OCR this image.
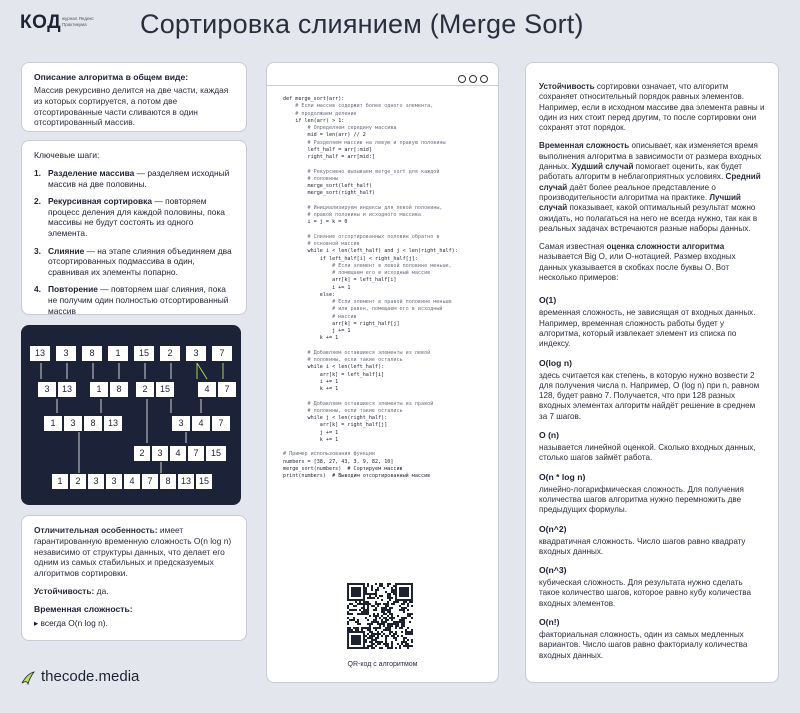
КОД журнал Яндекс Практикума	Сортировка слиянием (Merge Sort)
Описание алгоритма в общем виде:
Массив рекурсивно делится на две части, каждая из которых сортируется, а потом две отсортированные части сливаются в один отсортированный массив.
Ключевые шаги:
1. Разделение массива — разделяем исходный массив на две половины.
2. Рекурсивная сортировка — повторяем процесс деления для каждой половины, пока массивы не будут состоять из одного элемента.
3. Слияние — на этапе слияния объединяем два отсортированных подмассива в один, сравнивая их элементы попарно.
4. Повторение — повторяем шаг слияния, пока не получим один полностью отсортированный массив
13	3	8	1	15	2	3	7
3	13	1	8	2	15	4	7
1	3	8	13	3	4	7
2	3	4	7	15
1	2	3	3	4	7	8	13 15
Отличительная особенность: имеет гарантированную временную сложность O(n log n) независимо от структуры данных, что делает его одним из самых стабильных и предсказуемых алгоритмов сортировки.
Устойчивость: да.
Временная сложность:
▸ всегда O(n log n).
thecode.media
def merge_sort(arr):
# Если массив содержит более одного элемента,
# продолжаем деление
if len(arr) > 1:
# Определяем середину массива
mid = len(arr) // 2
# Разделяем массив на левую и правую половины
left_half = arr[:mid]
right_half = arr[mid:]
# Рекурсивно вызываем merge_sort для каждой
# половины
merge_sort(left_half)
merge_sort(right_half)
# Инициализируем индексы для левой половины,
# правой половины и исходного массива
i = j = k = 0
# Слияние отсортированных половин обратно в
# основной массив
while i < len(left_half) and j < len(right_half):
if left_half[i] < right_half[j]:
# Если элемент в левой половине меньше,
# помещаем его в исходный массив
arr[k] = left_half[i]
i += 1
else:
# Если элемент в правой половине меньше
# или равен, помещаем его в исходный
# массив
arr[k] = right_half[j]
j += 1
k += 1
# Добавляем оставшиеся элементы из левой
# половины, если такие остались
while i < len(left_half):
arr[k] = left_half[i]
i += 1
k += 1
# Добавляем оставшиеся элементы из правой
# половины, если такие остались
while j < len(right_half):
arr[k] = right_half[j]
j += 1
k += 1
# Пример использования функции
numbers = [38, 27, 43, 3, 9, 82, 10]
merge_sort(numbers)  # Сортируем массив
print(numbers)  # Выводим отсортированный массив
QR-код с алгоритмом

Устойчивость сортировки означает, что алгоритм сохраняет относительный порядок равных элементов. Например, если в исходном массиве два элемента равны и один из них стоит перед другим, то после сортировки они сохранят этот порядок.

Временная сложность описывает, как изменяется время выполнения алгоритма в зависимости от размера входных данных. Худший случай помогает оценить, как будет работать алгоритм в неблагоприятных условиях. Средний случай даёт более реальное представление о производительности алгоритма на практике. Лучший случай показывает, какой оптимальный результат можно ожидать, но полагаться на него не всегда нужно, так как в реальных задачах встречаются разные наборы данных.

Самая известная оценка сложности алгоритма называется Big O, или O-нотацией. Размер входных данных указывается в скобках после буквы O. Вот несколько примеров:

O(1)

временная сложность, не зависящая от входных данных. Например, временная сложность работы будет у алгоритма, который извлекает элемент из списка по индексу.

O(log n)

здесь считается как степень, в которую нужно возвести 2 для получения числа n. Например, O (log n) при n, равном 128, будет равно 7. Получается, что при 128 разных входных элементах алгоритм найдёт решение в среднем за 7 шагов.

O (n)

называется линейной оценкой. Сколько входных данных, столько шагов займёт работа.

O(n * log n)

линейно-логарифмическая сложность. Для получения количества шагов алгоритма нужно перемножить две предыдущих формулы.

O(n^2)

квадратичная сложность. Число шагов равно квадрату входных данных.

O(n^3)

кубическая сложность. Для результата нужно сделать такое количество шагов, которое равно кубу количества входных элементов.

O(n!)

факториальная сложность, один из самых медленных вариантов. Число шагов равно факториалу количества входных данных.
